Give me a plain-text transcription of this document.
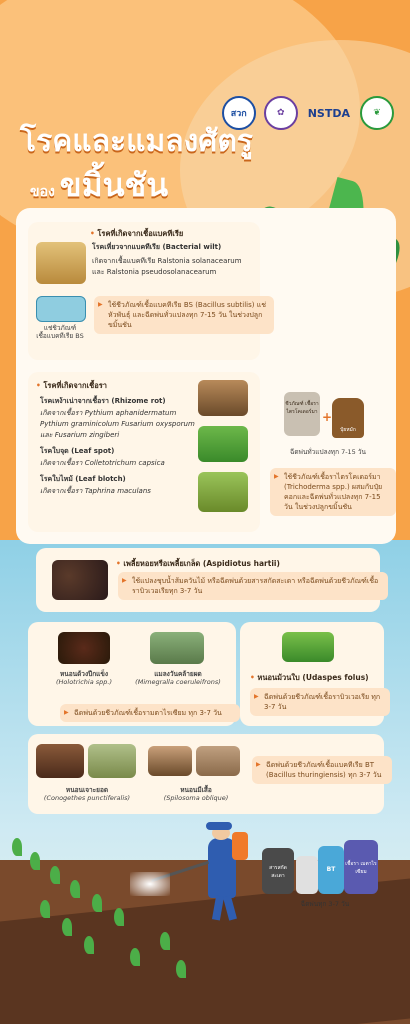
สวก	✿	NSTDA	❦
โรคและแมลงศัตรู
ของ ขมิ้นชัน
• โรคที่เกิดจากเชื้อแบคทีเรีย
โรคเหี่ยวจากแบคทีเรีย (Bacterial wilt)
เกิดจากเชื้อแบคทีเรีย Ralstonia solanacearum
และ Ralstonia pseudosolanacearum
แช่ชิวภัณฑ์
เชื้อแบคทีเรีย BS
▶ ใช้ชีวภัณฑ์เชื้อแบคทีเรีย BS (Bacillus subtilis) แช่หัวพันธุ์ และฉีดพ่นทั่วแปลงทุก 7-15 วัน ในช่วงปลูกขมิ้นชัน
• โรคที่เกิดจากเชื้อรา
โรคเหง้าเน่าจากเชื้อรา (Rhizome rot)
เกิดจากเชื้อรา Pythium aphanidermatum
Pythium graminicolum Fusarium oxysporum
และ Fusarium zingiberi
โรคใบจุด (Leaf spot)
เกิดจากเชื้อรา Colletotrichum capsica
โรคใบไหม้ (Leaf blotch)
เกิดจากเชื้อรา Taphrina maculans
ชีวภัณฑ์ เชื้อรา ไตรโคเดอร์มา +
ปุ๋ยหมัก
ฉีดพ่นทั่วแปลงทุก 7-15 วัน
▶ ใช้ชีวภัณฑ์เชื้อราไตรโคเดอร์มา (Trichoderma spp.) ผสมกับปุ๋ยคอกและฉีดพ่นทั่วแปลงทุก 7-15 วัน ในช่วงปลูกขมิ้นชัน
• เพลี้ยหอยหรือเพลี้ยเกล็ด (Aspidiotus hartii)
▶ ใช้แปลงชุบน้ำส้มควันไม้ หรือฉีดพ่นด้วยสารสกัดสะเดา หรือฉีดพ่นด้วยชีวภัณฑ์เชื้อราบิวเวอเรียทุก 3-7 วัน
หนอนด้วงปีกแข็ง
(Holotrichia spp.)
แมลงวันคล้ายผด
(Mimegralla coeruleifrons)
▶ ฉีดพ่นด้วยชีวภัณฑ์เชื้อรามตาไรเซียม ทุก 3-7 วัน
• หนอนม้วนใบ (Udaspes folus)
▶ ฉีดพ่นด้วยชีวภัณฑ์เชื้อราบิวเวอเรีย ทุก 3-7 วัน
หนอนเจาะยอด
(Conogethes punctiferalis)
หนอนมีเสื้อ
(Spilosoma oblique)
▶ ฉีดพ่นด้วยชีวภัณฑ์เชื้อแบคทีเรีย BT (Bacillus thuringiensis) ทุก 3-7 วัน
สารสกัด สะเดา
BT
เชื้อรา เมตาไรเซียม
ฉีดพ่นทุก 3-7 วัน
